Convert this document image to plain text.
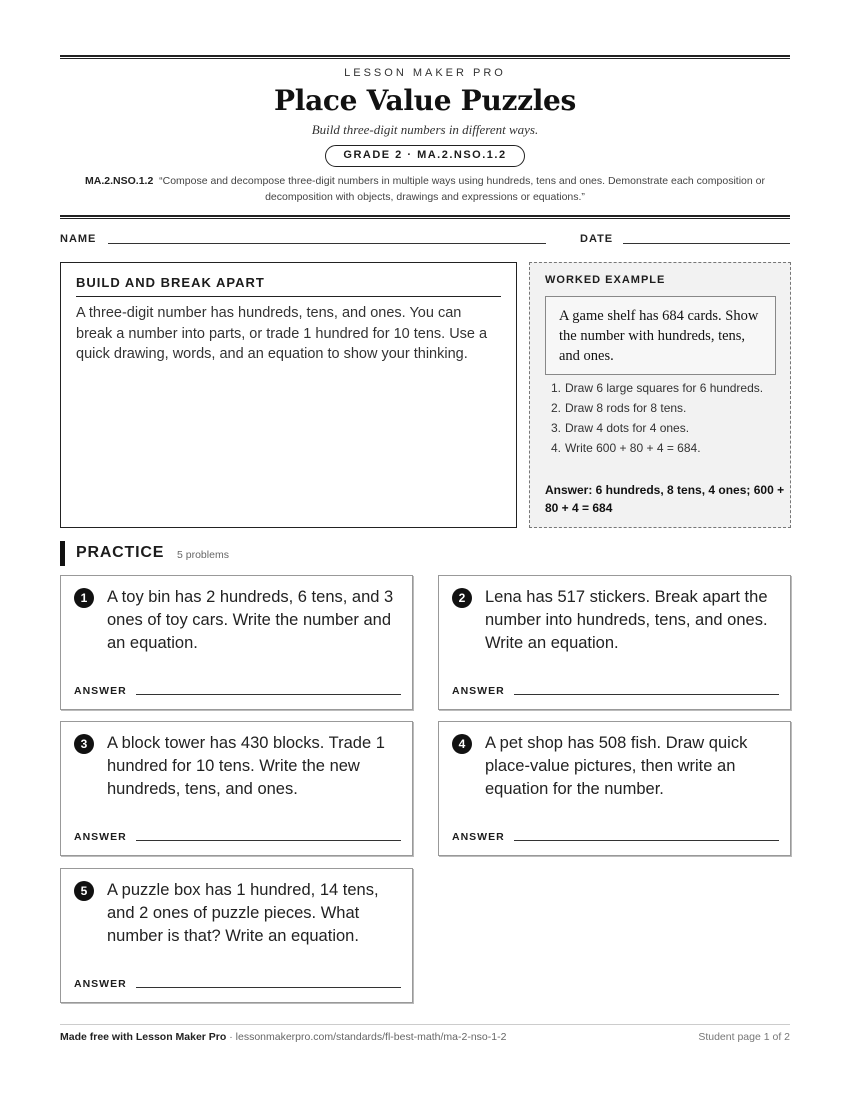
LESSON MAKER PRO
Place Value Puzzles
Build three-digit numbers in different ways.
GRADE 2 · MA.2.NSO.1.2
MA.2.NSO.1.2 “Compose and decompose three-digit numbers in multiple ways using hundreds, tens and ones. Demonstrate each composition or decomposition with objects, drawings and expressions or equations.”
NAME	DATE
BUILD AND BREAK APART
A three-digit number has hundreds, tens, and ones. You can break a number into parts, or trade 1 hundred for 10 tens. Use a quick drawing, words, and an equation to show your thinking.
WORKED EXAMPLE
A game shelf has 684 cards. Show the number with hundreds, tens, and ones.
1. Draw 6 large squares for 6 hundreds.
2. Draw 8 rods for 8 tens.
3. Draw 4 dots for 4 ones.
4. Write 600 + 80 + 4 = 684.
Answer: 6 hundreds, 8 tens, 4 ones; 600 + 80 + 4 = 684
PRACTICE 5 problems
1	A toy bin has 2 hundreds, 6 tens, and 3 ones of toy cars. Write the number and an equation.
ANSWER
2	Lena has 517 stickers. Break apart the number into hundreds, tens, and ones. Write an equation.
ANSWER
3	A block tower has 430 blocks. Trade 1 hundred for 10 tens. Write the new hundreds, tens, and ones.
ANSWER
4	A pet shop has 508 fish. Draw quick place-value pictures, then write an equation for the number.
ANSWER
5	A puzzle box has 1 hundred, 14 tens, and 2 ones of puzzle pieces. What number is that? Write an equation.
ANSWER
Made free with Lesson Maker Pro · lessonmakerpro.com/standards/fl-best-math/ma-2-nso-1-2	Student page 1 of 2
